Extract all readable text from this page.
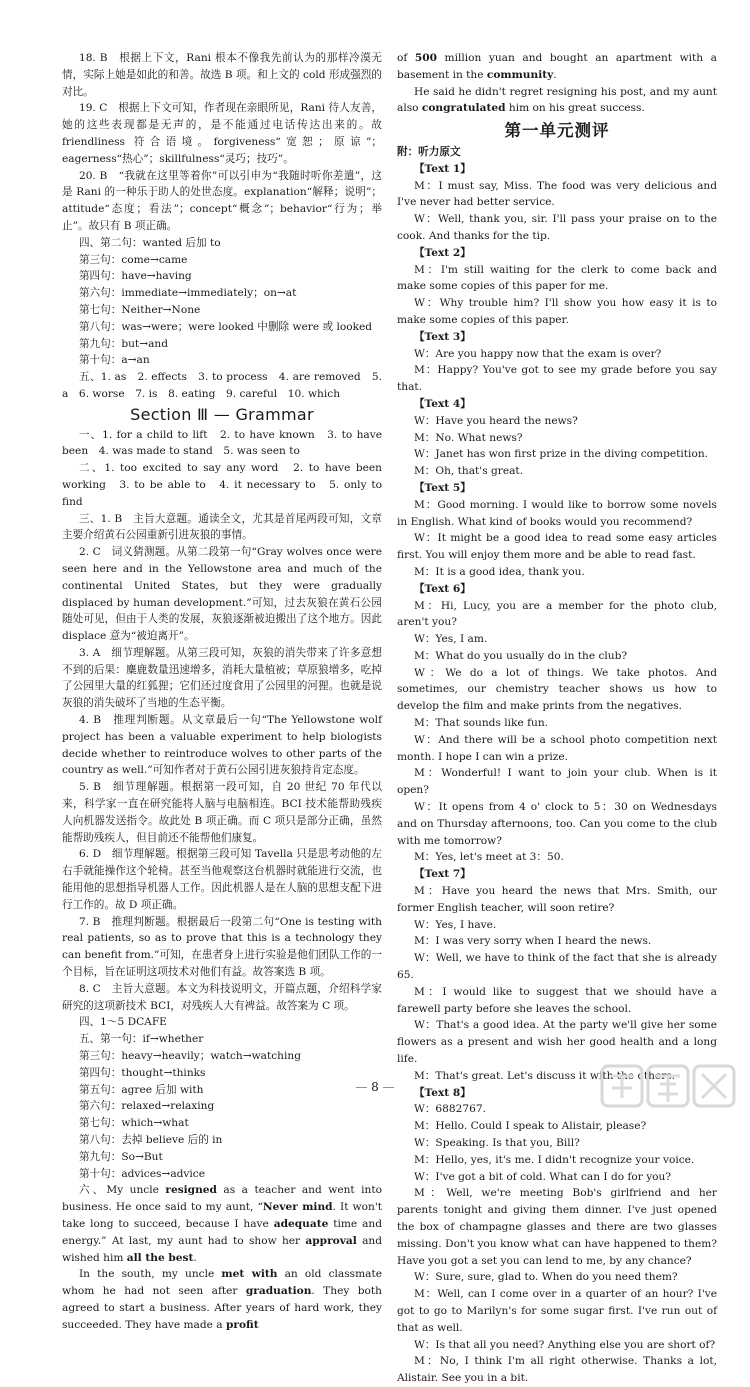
18. B　根据上下文，Rani 根本不像我先前认为的那样冷漠无情，实际上她是如此的和善。故选 B 项。和上文的 cold 形成强烈的对比。

19. C　根据上下文可知，作者现在亲眼所见，Rani 待人友善，她的这些表现都是无声的，是不能通过电话传达出来的。故 friendliness 符合语境。forgiveness“宽恕；原谅”；eagerness“热心”；skillfulness“灵巧；技巧”。

20. B　“我就在这里等着你”可以引申为“我随时听你差遣”，这是 Rani 的一种乐于助人的处世态度。explanation“解释；说明”；attitude“态度；看法”；concept“概念”；behavior“行为；举止”。故只有 B 项正确。

四、第二句：wanted 后加 to

第三句：come→came

第四句：have→having

第六句：immediate→immediately；on→at

第七句：Neither→None

第八句：was→were；were looked 中删除 were 或 looked

第九句：but→and

第十句：a→an

五、1. as　2. effects　3. to process　4. are removed　5. a　6. worse　7. is　8. eating　9. careful　10. which

Section Ⅲ — Grammar

一、1. for a child to lift　2. to have known　3. to have been　4. was made to stand　5. was seen to

二、1. too excited to say any word　2. to have been working　3. to be able to　4. it necessary to　5. only to find

三、1. B　主旨大意题。通读全文，尤其是首尾两段可知，文章主要介绍黄石公园重新引进灰狼的事情。

2. C　词义猜测题。从第二段第一句“Gray wolves once were seen here and in the Yellowstone area and much of the continental United States, but they were gradually displaced by human development.”可知，过去灰狼在黄石公园随处可见，但由于人类的发展，灰狼逐渐被迫搬出了这个地方。因此 displace 意为“被迫离开”。

3. A　细节理解题。从第三段可知，灰狼的消失带来了许多意想不到的后果：麋鹿数量迅速增多，消耗大量植被；草原狼增多，吃掉了公园里大量的红狐狸；它们还过度食用了公园里的河狸。也就是说灰狼的消失破坏了当地的生态平衡。

4. B　推理判断题。从文章最后一句“The Yellowstone wolf project has been a valuable experiment to help biologists decide whether to reintroduce wolves to other parts of the country as well.”可知作者对于黄石公园引进灰狼持肯定态度。

5. B　细节理解题。根据第一段可知，自 20 世纪 70 年代以来，科学家一直在研究能将人脑与电脑相连。BCI 技术能帮助残疾人向机器发送指令。故此处 B 项正确。而 C 项只是部分正确，虽然能帮助残疾人，但目前还不能帮他们康复。

6. D　细节理解题。根据第三段可知 Tavella 只是思考动他的左右手就能操作这个轮椅。甚至当他观察这台机器时就能进行交流，也能用他的思想指导机器人工作。因此机器人是在人脑的思想支配下进行工作的。故 D 项正确。

7. B　推理判断题。根据最后一段第二句“One is testing with real patients, so as to prove that this is a technology they can benefit from.”可知，在患者身上进行实验是他们团队工作的一个目标，旨在证明这项技术对他们有益。故答案选 B 项。

8. C　主旨大意题。本文为科技说明文，开篇点题，介绍科学家研究的这项新技术 BCI，对残疾人大有裨益。故答案为 C 项。

四、1～5 DCAFE

五、第一句：if→whether

第三句：heavy→heavily；watch→watching

第四句：thought→thinks

第五句：agree 后加 with

第六句：relaxed→relaxing

第七句：which→what

第八句：去掉 believe 后的 in

第九句：So→But

第十句：advices→advice

六、My uncle resigned as a teacher and went into business. He once said to my aunt, “Never mind. It won't take long to succeed, because I have adequate time and energy.” At last, my aunt had to show her approval and wished him all the best.

In the south, my uncle met with an old classmate whom he had not seen after graduation. They both agreed to start a business. After years of hard work, they succeeded. They have made a profit

of 500 million yuan and bought an apartment with a basement in the community.

He said he didn't regret resigning his post, and my aunt also congratulated him on his great success.

第一单元测评

附：听力原文

【Text 1】

M：I must say, Miss. The food was very delicious and I've never had better service.

W：Well, thank you, sir. I'll pass your praise on to the cook. And thanks for the tip.

【Text 2】

M：I'm still waiting for the clerk to come back and make some copies of this paper for me.

W：Why trouble him? I'll show you how easy it is to make some copies of this paper.

【Text 3】

W：Are you happy now that the exam is over?

M：Happy? You've got to see my grade before you say that.

【Text 4】

W：Have you heard the news?

M：No. What news?

W：Janet has won first prize in the diving competition.

M：Oh, that's great.

【Text 5】

M：Good morning. I would like to borrow some novels in English. What kind of books would you recommend?

W：It might be a good idea to read some easy articles first. You will enjoy them more and be able to read fast.

M：It is a good idea, thank you.

【Text 6】

M：Hi, Lucy, you are a member for the photo club, aren't you?

W：Yes, I am.

M：What do you usually do in the club?

W：We do a lot of things. We take photos. And sometimes, our chemistry teacher shows us how to develop the film and make prints from the negatives.

M：That sounds like fun.

W：And there will be a school photo competition next month. I hope I can win a prize.

M：Wonderful! I want to join your club. When is it open?

W：It opens from 4 o' clock to 5：30 on Wednesdays and on Thursday afternoons, too. Can you come to the club with me tomorrow?

M：Yes, let's meet at 3：50.

【Text 7】

M：Have you heard the news that Mrs. Smith, our former English teacher, will soon retire?

W：Yes, I have.

M：I was very sorry when I heard the news.

W：Well, we have to think of the fact that she is already 65.

M：I would like to suggest that we should have a farewell party before she leaves the school.

W：That's a good idea. At the party we'll give her some flowers as a present and wish her good health and a long life.

M：That's great. Let's discuss it with the others.

【Text 8】

W：6882767.

M：Hello. Could I speak to Alistair, please?

W：Speaking. Is that you, Bill?

M：Hello, yes, it's me. I didn't recognize your voice.

W：I've got a bit of cold. What can I do for you?

M：Well, we're meeting Bob's girlfriend and her parents tonight and giving them dinner. I've just opened the box of champagne glasses and there are two glasses missing. Don't you know what can have happened to them? Have you got a set you can lend to me, by any chance?

W：Sure, sure, glad to. When do you need them?

M：Well, can I come over in a quarter of an hour? I've got to go to Marilyn's for some sugar first. I've run out of that as well.

W：Is that all you need? Anything else you are short of?

M：No, I think I'm all right otherwise. Thanks a lot, Alistair. See you in a bit.

— 8 —
